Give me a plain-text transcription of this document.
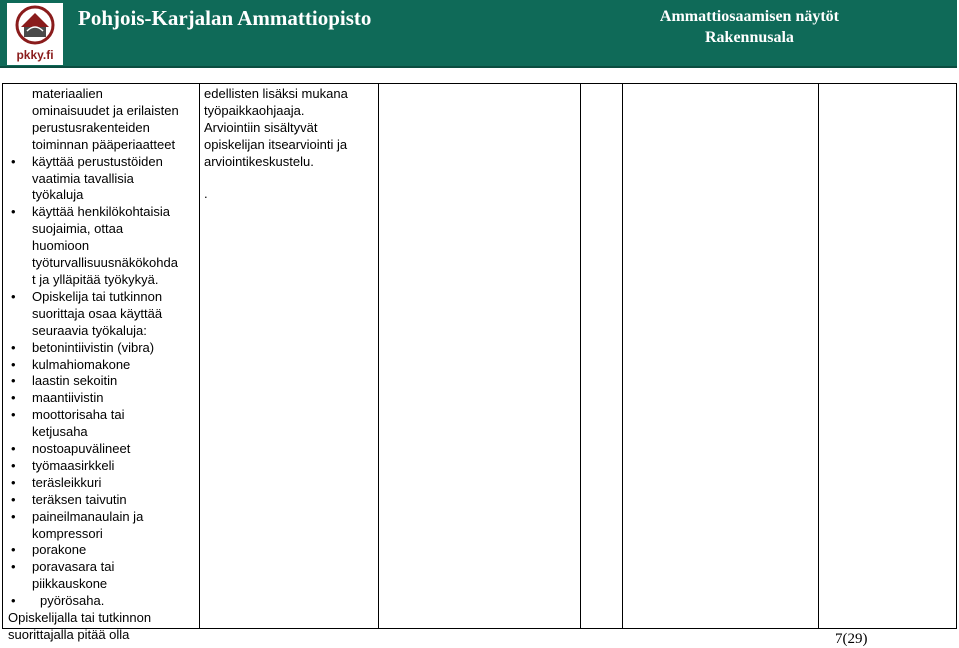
pkky.fi
Pohjois-Karjalan Ammattiopisto	Ammattiosaamisen näytöt
Rakennusala
materiaalien
ominaisuudet ja erilaisten
perustusrakenteiden
toiminnan pääperiaatteet
• käyttää perustustöiden
vaatimia tavallisia
työkaluja
• käyttää henkilökohtaisia
suojaimia, ottaa
huomioon
työturvallisuusnäkökohda
t ja ylläpitää työkykyä.
• Opiskelija tai tutkinnon
suorittaja osaa käyttää
seuraavia työkaluja:
• betonintiivistin (vibra)
• kulmahiomakone
• laastin sekoitin
• maantiivistin
• moottorisaha tai
ketjusaha
• nostoapuvälineet
• työmaasirkkeli
• teräsleikkuri
• teräksen taivutin
• paineilmanaulain ja
kompressori
• porakone
• poravasara tai
piikkauskone
• pyörösaha.
Opiskelijalla tai tutkinnon
suorittajalla pitää olla

edellisten lisäksi mukana

työpaikkaohjaaja.

Arviointiin sisältyvät

opiskelijan itsearviointi ja

arviointikeskustelu.

.

7(29)
